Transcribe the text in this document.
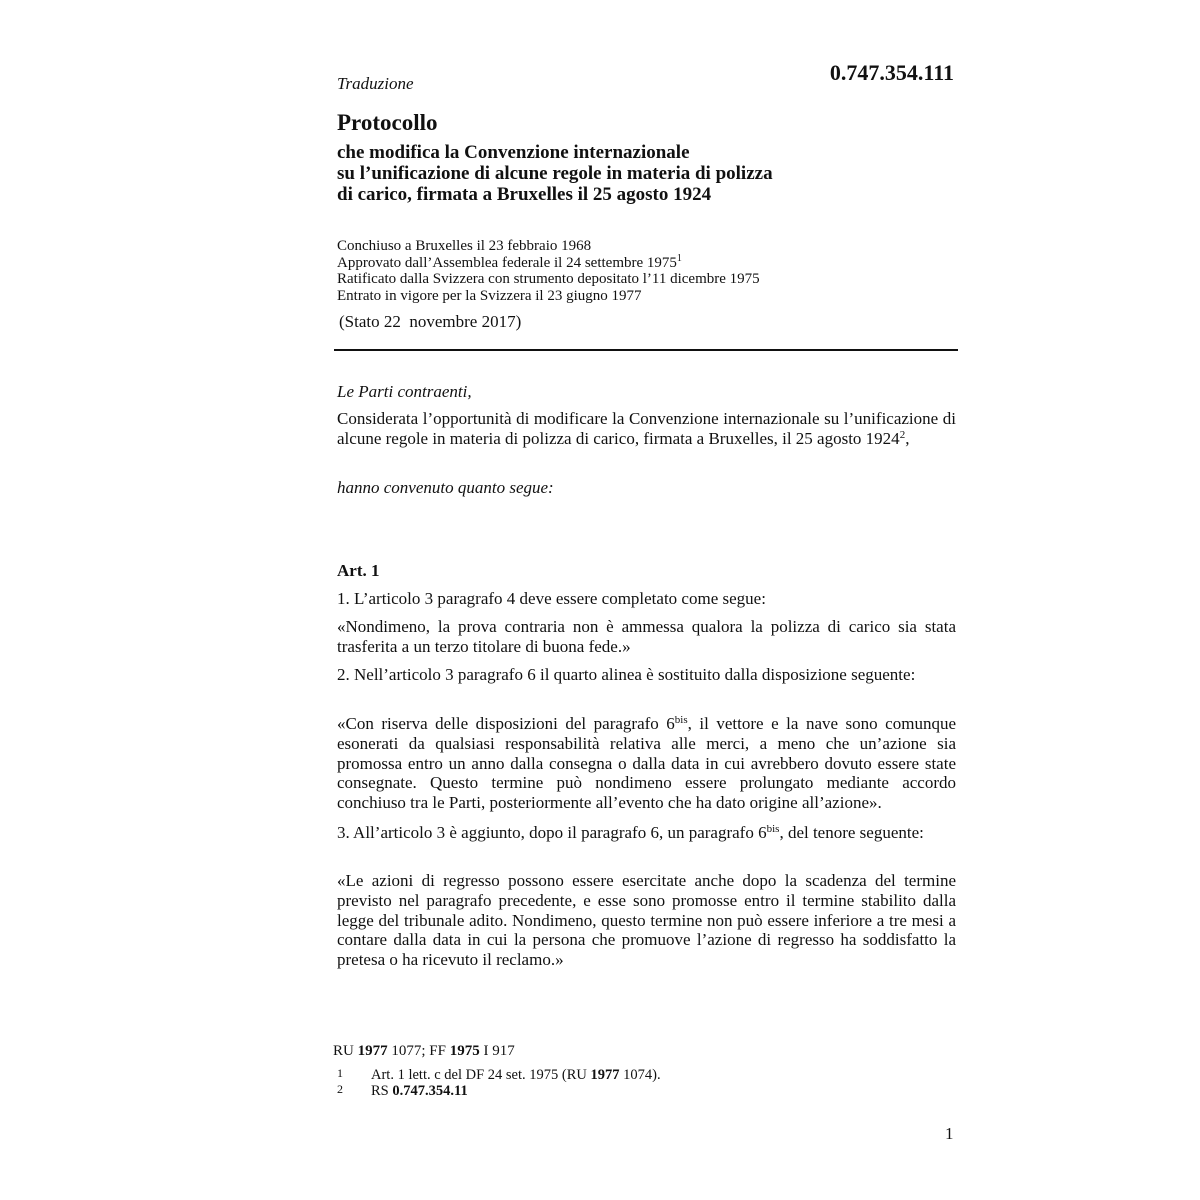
Traduzione	0.747.354.111
Protocollo
che modifica la Convenzione internazionale
su l’unificazione di alcune regole in materia di polizza
di carico, firmata a Bruxelles il 25 agosto 1924
Conchiuso a Bruxelles il 23 febbraio 1968
Approvato dall’Assemblea federale il 24 settembre 1975$^1$
Ratificato dalla Svizzera con strumento depositato l’11 dicembre 1975
Entrato in vigore per la Svizzera il 23 giugno 1977
(Stato 22  novembre 2017)
Le Parti contraenti,
Considerata l’opportunità di modificare la Convenzione internazionale su l’unificazione di alcune regole in materia di polizza di carico, firmata a Bruxelles, il 25 agosto 1924$^2$,
hanno convenuto quanto segue:
Art. 1
1. L’articolo 3 paragrafo 4 deve essere completato come segue:
«Nondimeno, la prova contraria non è ammessa qualora la polizza di carico sia stata trasferita a un terzo titolare di buona fede.»
2. Nell’articolo 3 paragrafo 6 il quarto alinea è sostituito dalla disposizione seguente:
«Con riserva delle disposizioni del paragrafo $6^{bis}$, il vettore e la nave sono comunque esonerati da qualsiasi responsabilità relativa alle merci, a meno che un’azione sia promossa entro un anno dalla consegna o dalla data in cui avrebbero dovuto essere state consegnate. Questo termine può nondimeno essere prolungato mediante accordo conchiuso tra le Parti, posteriormente all’evento che ha dato origine all’azione».
3. All’articolo 3 è aggiunto, dopo il paragrafo 6, un paragrafo $6^{bis}$, del tenore seguente:
«Le azioni di regresso possono essere esercitate anche dopo la scadenza del termine previsto nel paragrafo precedente, e esse sono promosse entro il termine stabilito dalla legge del tribunale adito. Nondimeno, questo termine non può essere inferiore a tre mesi a contare dalla data in cui la persona che promuove l’azione di regresso ha soddisfatto la pretesa o ha ricevuto il reclamo.»
RU 1977 1077; FF 1975 I 917
1 Art. 1 lett. c del DF 24 set. 1975 (RU 1977 1074).
2 RS 0.747.354.11
1
